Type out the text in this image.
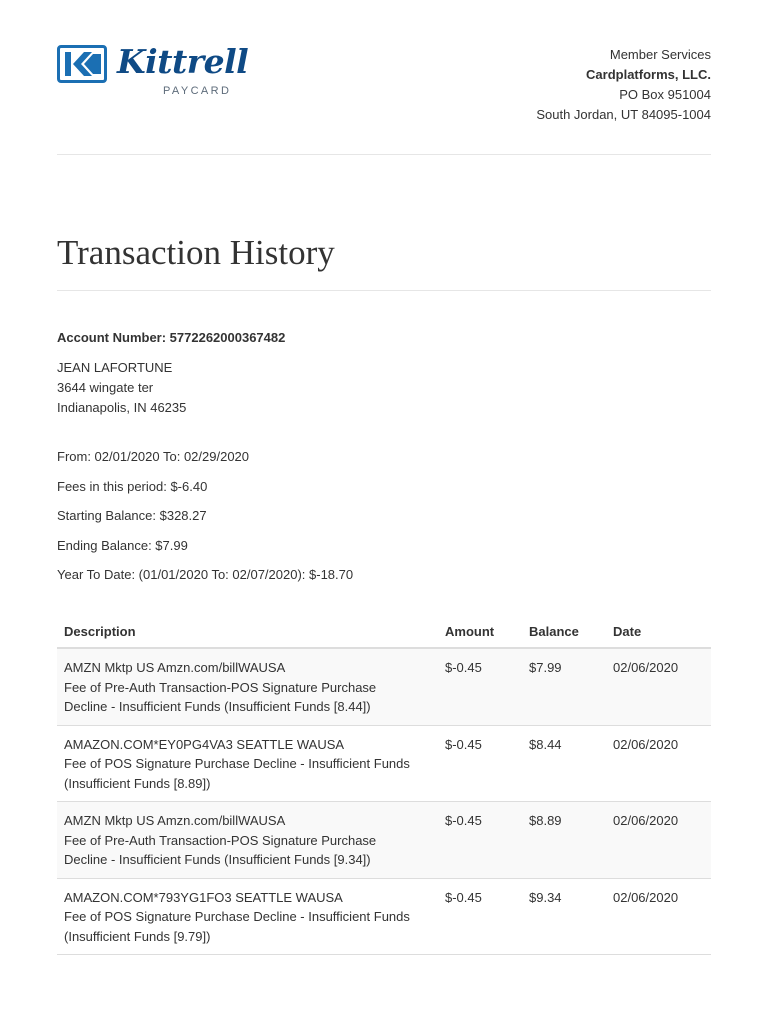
Kittrell
PAYCARD
Member Services
Cardplatforms, LLC.
PO Box 951004
South Jordan, UT 84095-1004
Transaction History
Account Number: 5772262000367482
JEAN LAFORTUNE
3644 wingate ter
Indianapolis, IN 46235
From: 02/01/2020 To: 02/29/2020
Fees in this period: $-6.40
Starting Balance: $328.27
Ending Balance: $7.99
Year To Date: (01/01/2020 To: 02/07/2020): $-18.70
Description	Amount	Balance	Date

AMZN Mktp US Amzn.com/billWAUSA
Fee of Pre-Auth Transaction-POS Signature Purchase
Decline - Insufficient Funds (Insufficient Funds [8.44])	$-0.45	$7.99	02/06/2020

AMAZON.COM*EY0PG4VA3 SEATTLE WAUSA
Fee of POS Signature Purchase Decline - Insufficient Funds
(Insufficient Funds [8.89])	$-0.45	$8.44	02/06/2020

AMZN Mktp US Amzn.com/billWAUSA
Fee of Pre-Auth Transaction-POS Signature Purchase
Decline - Insufficient Funds (Insufficient Funds [9.34])	$-0.45	$8.89	02/06/2020

AMAZON.COM*793YG1FO3 SEATTLE WAUSA
Fee of POS Signature Purchase Decline - Insufficient Funds
(Insufficient Funds [9.79])	$-0.45	$9.34	02/06/2020
